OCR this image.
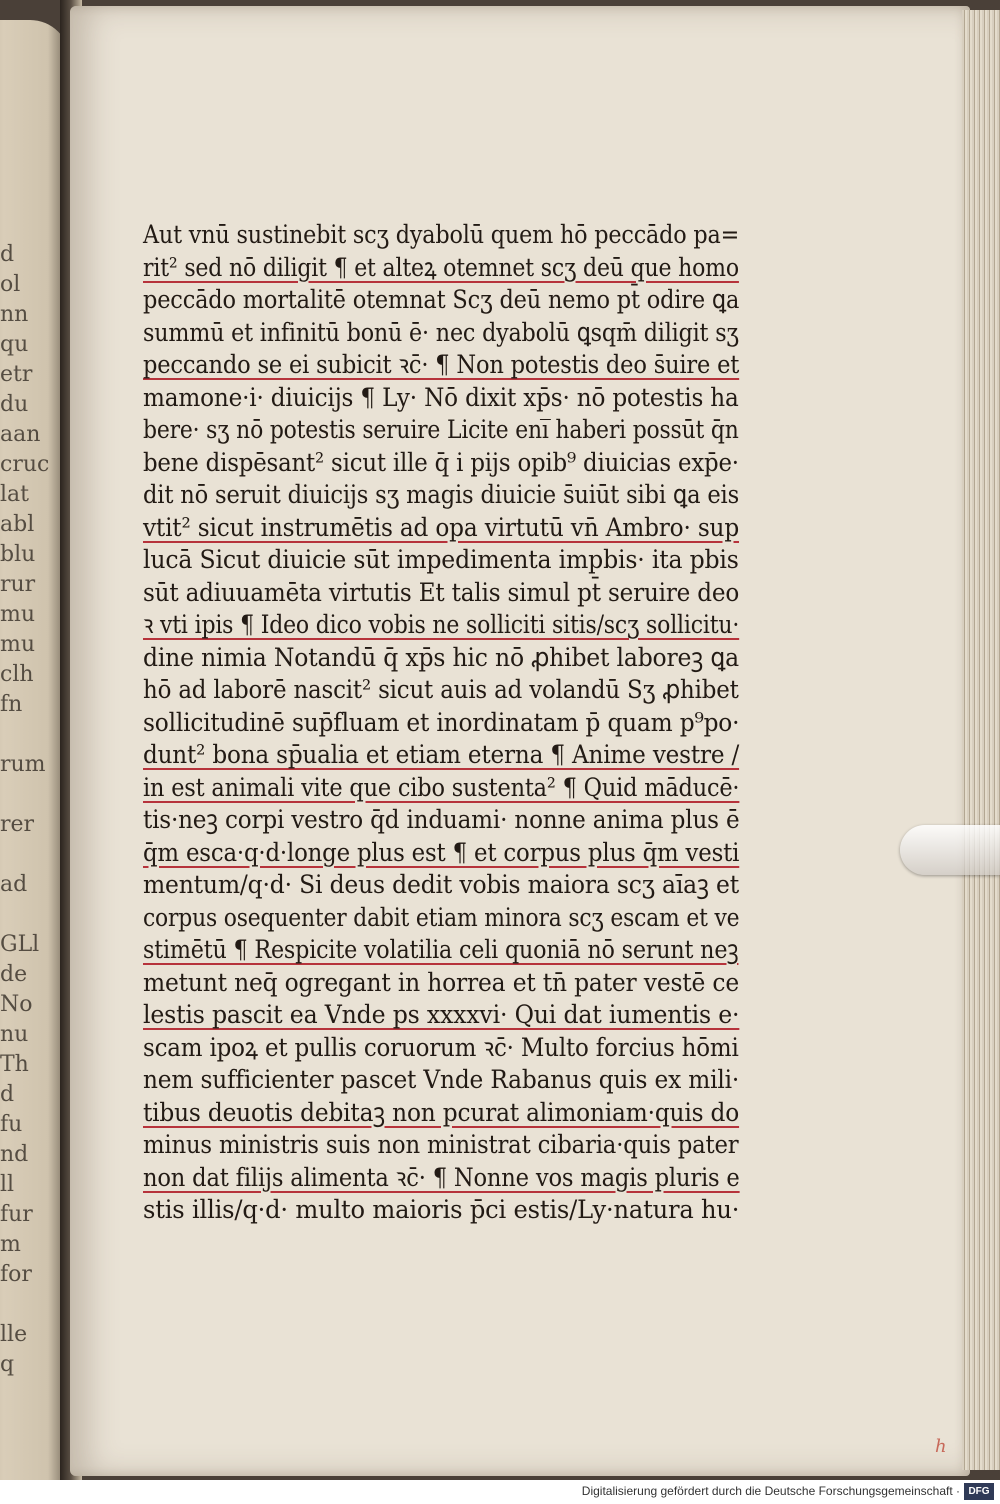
d
ol
nn
qu
etr
du
aan
cruc
lat
abl
blu
rur
mu
mu
clh
fn

rum

rer

ad

GLl
de
No
nu
Th
d
fu
nd
ll
fur
m
for

lle
q
Aut vnū sustinebit scʒ dyabolū quem hō peccādo pa=
rit² sed nō diligit ¶ et alteꝝ otemnet scʒ deū que homo
peccādo mortalitē otemnat Scʒ deū nemo pt̄ odire ꝗa
summū et infinitū bonū ē· nec dyabolū ꝗsqm̄ diligit sʒ
peccando se ei subicit ꝛc̄· ¶ Non potestis deo s̄uire et
mamone·i· diuicijs ¶ Ly· Nō dixit xp̄s· nō potestis ha
bere· sʒ nō potestis seruire Licite eni̅ haberi possūt q̄n
bene dispēsant² sicut ille q̄ i pijs opib⁹ diuicias exp̄e·
dit nō seruit diuicijs sʒ magis diuicie s̄uiūt sibi ꝗa eis
vtit² sicut instrumētis ad opa virtutū vn̄ Ambro· sup
lucā Sicut diuicie sūt impedimenta impbis· ita pbis
sūt adiuuamēta virtutis Et talis simul pt̄ seruire deo
ꝛ vti ipis ¶ Ideo dico vobis ne solliciti sitis/scʒ sollicitu·
dine nimia Notandū q̄ xp̄s hic nō ꝓhibet laboreꝫ ꝗa
hō ad laborē nascit² sicut auis ad volandū Sʒ ꝓhibet
sollicitudinē sup̄fluam et inordinatam p̄ quam p⁹po·
dunt² bona sp̄ualia et etiam eterna ¶ Anime vestre /
in est animali vite que cibo sustenta² ¶ Quid māducē·
tis·neꝫ corpi vestro q̄d induami· nonne anima plus ē
q̄m esca·q·d·longe plus est ¶ et corpus plus q̄m vesti
mentum/q·d· Si deus dedit vobis maiora scʒ aīaꝫ et
corpus osequenter dabit etiam minora scʒ escam et ve
stimētū ¶ Respicite volatilia celi quoniā nō serunt neꝫ
metunt neq̄ ogregant in horrea et tn̄ pater vestē ce
lestis pascit ea Vnde ps xxxxvi· Qui dat iumentis e·
scam ipoꝝ et pullis coruorum ꝛc̄· Multo forcius hōmi
nem sufficienter pascet Vnde Rabanus quis ex mili·
tibus deuotis debitaꝫ non pcurat alimoniam·quis do
minus ministris suis non ministrat cibaria·quis pater
non dat filijs alimenta ꝛc̄· ¶ Nonne vos magis pluris e
stis illis/q·d· multo maioris p̄ci estis/Ly·natura hu·
h
Digitalisierung gefördert durch die Deutsche Forschungsgemeinschaft · DFG
